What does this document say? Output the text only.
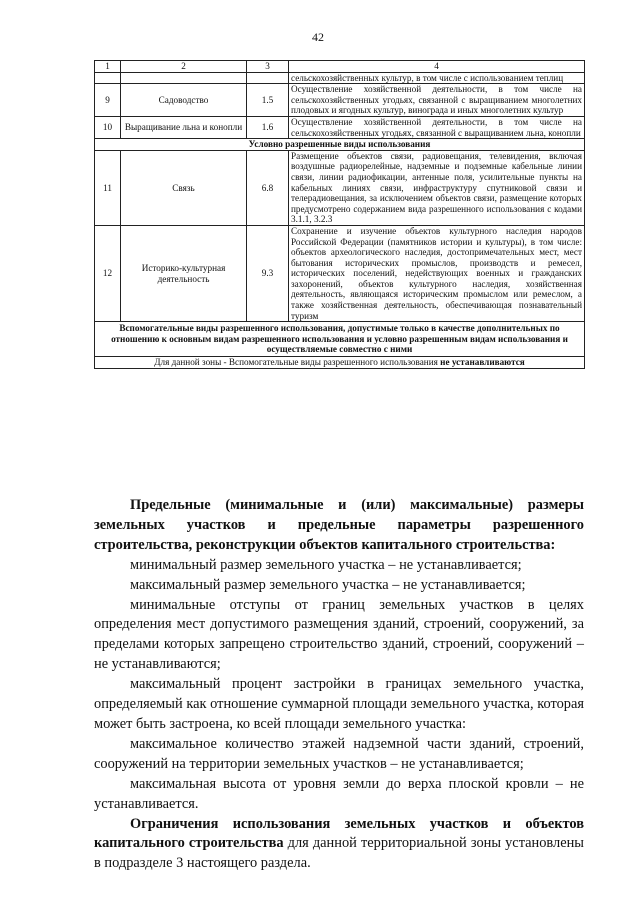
42
1	2	3	4
			сельскохозяйственных культур, в том числе с использованием теплиц
9	Садоводство	1.5	Осуществление хозяйственной деятельности, в том числе на сельскохозяйственных угодьях, связанной с выращиванием многолетних плодовых и ягодных культур, винограда и иных многолетних культур
10	Выращивание льна и конопли	1.6	Осуществление хозяйственной деятельности, в том числе на сельскохозяйственных угодьях, связанной с выращиванием льна, конопли
Условно разрешенные виды использования			
11	Связь	6.8	Размещение объектов связи, радиовещания, телевидения, включая воздушные радиорелейные, надземные и подземные кабельные линии связи, линии радиофикации, антенные поля, усилительные пункты на кабельных линиях связи, инфраструктуру спутниковой связи и телерадиовещания, за исключением объектов связи, размещение которых предусмотрено содержанием вида разрешенного использования с кодами 3.1.1, 3.2.3
12	Историко-культурная деятельность	9.3	Сохранение и изучение объектов культурного наследия народов Российской Федерации (памятников истории и культуры), в том числе: объектов археологического наследия, достопримечательных мест, мест бытования исторических промыслов, производств и ремесел, исторических поселений, недействующих военных и гражданских захоронений, объектов культурного наследия, хозяйственная деятельность, являющаяся историческим промыслом или ремеслом, а также хозяйственная деятельность, обеспечивающая познавательный туризм
Вспомогательные виды разрешенного использования, допустимые только в качестве дополнительных по отношению к основным видам разрешенного использования и условно разрешенным видам использования и осуществляемые совместно с ними			
Для данной зоны - Вспомогательные виды разрешенного использования не устанавливаются			

Предельные (минимальные и (или) максимальные) размеры земельных участков и предельные параметры разрешенного строительства, реконструкции объектов капитального строительства:

минимальный размер земельного участка – не устанавливается;

максимальный размер земельного участка – не устанавливается;

минимальные отступы от границ земельных участков в целях определения мест допустимого размещения зданий, строений, сооружений, за пределами которых запрещено строительство зданий, строений, сооружений – не устанавливаются;

максимальный процент застройки в границах земельного участка, определяемый как отношение суммарной площади земельного участка, которая может быть застроена, ко всей площади земельного участка:

максимальное количество этажей надземной части зданий, строений, сооружений на территории земельных участков – не устанавливается;

максимальная высота от уровня земли до верха плоской кровли – не устанавливается.

Ограничения использования земельных участков и объектов капитального строительства для данной территориальной зоны установлены в подразделе 3 настоящего раздела.
